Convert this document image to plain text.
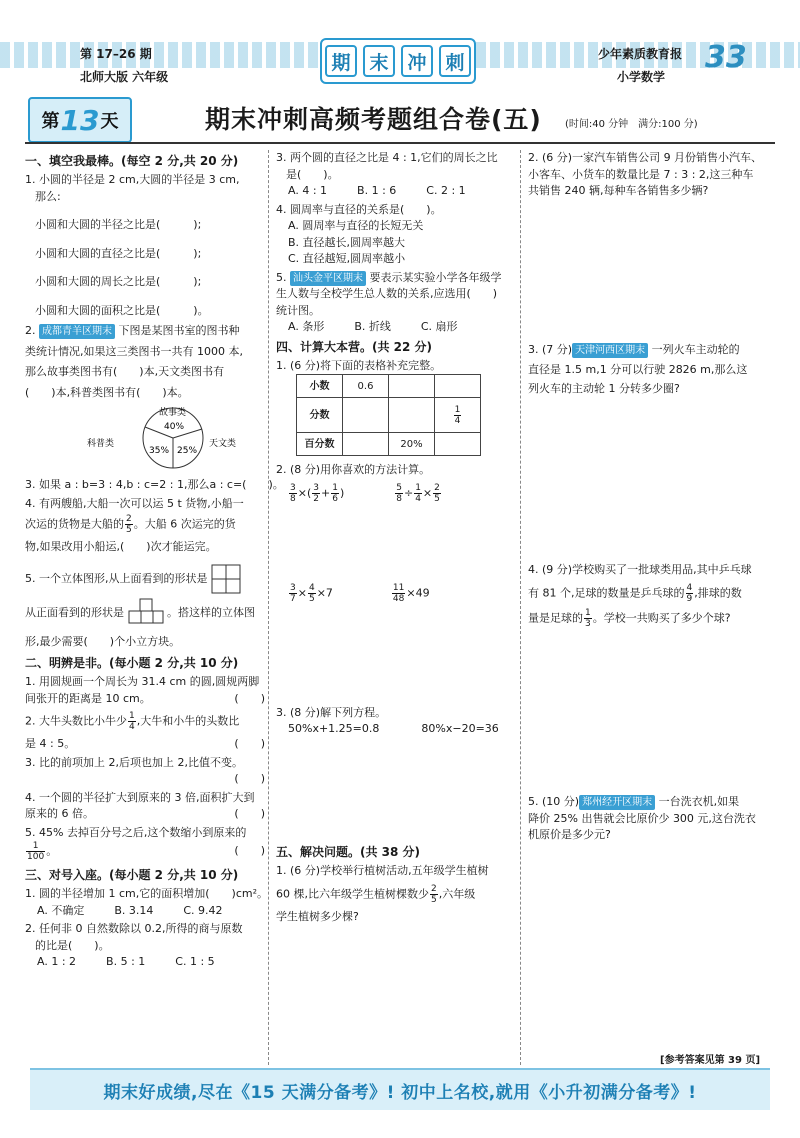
第 17–26 期
北师大版 六年级
期 末 冲 刺	少年素质教育报
小学数学
33
第 13 天	期末冲刺高频考题组合卷(五) (时间:40 分钟　满分:100 分)
一、填空我最棒。(每空 2 分,共 20 分)
1. 小圆的半径是 2 cm,大圆的半径是 3 cm,
那么:
小圆和大圆的半径之比是(　　　);
小圆和大圆的直径之比是(　　　);
小圆和大圆的周长之比是(　　　);
小圆和大圆的面积之比是(　　　)。
2. 成都青羊区期末 下图是某图书室的图书种
类统计情况,如果这三类图书一共有 1000 本,
那么故事类图书有(　　)本,天文类图书有
(　　)本,科普类图书有(　　)本。
故事类
40%
35% 25%
科普类	天文类
3. 如果 a : b=3 : 4,b : c=2 : 1,那么a : c=(　　)。
4. 有两艘船,大船一次可以运 5 t 货物,小船一
次运的货物是大船的 $\frac{2}{5}$ 。大船 6 次运完的货
物,如果改用小船运,(　　)次才能运完。
5. 一个立体图形,从上面看到的形状是
从正面看到的形状是	。搭这样的立体图
形,最少需要(　　)个小立方块。
二、明辨是非。(每小题 2 分,共 10 分)
1. 用圆规画一个周长为 31.4 cm 的圆,圆规两脚
间张开的距离是 10 cm。	(　　)
2. 大牛头数比小牛少 $\frac{1}{4}$ ,大牛和小牛的头数比
是 4 : 5。	(　　)
3. 比的前项加上 2,后项也加上 2,比值不变。
(　　)
4. 一个圆的半径扩大到原来的 3 倍,面积扩大到
原来的 6 倍。	(　　)
5. 45% 去掉百分号之后,这个数缩小到原来的
$\frac{1}{100}$ 。	(　　)
三、对号入座。(每小题 2 分,共 10 分)
1. 圆的半径增加 1 cm,它的面积增加(　　)cm²。
A. 不确定	B. 3.14	C. 9.42
2. 任何非 0 自然数除以 0.2,所得的商与原数
的比是(　　)。
A. 1 : 2	B. 5 : 1	C. 1 : 5
3. 两个圆的直径之比是 4 : 1,它们的周长之比
是(　　)。
A. 4 : 1	B. 1 : 6	C. 2 : 1
4. 圆周率与直径的关系是(　　)。
A. 圆周率与直径的长短无关
B. 直径越长,圆周率越大
C. 直径越短,圆周率越小
5. 汕头金平区期末 要表示某实验小学各年级学
生人数与全校学生总人数的关系,应选用(　　)
统计图。
A. 条形	B. 折线	C. 扇形
四、计算大本营。(共 22 分)
1. (6 分)将下面的表格补充完整。
小数	0.6		
分数			$\frac{1}{4}$

百分数		20%	
2. (8 分)用你喜欢的方法计算。
$\frac{3}{8}$ ×( $\frac{3}{2} + \frac{1}{6}$ )	$\frac{5}{8} \div \frac{1}{4} \times \frac{2}{5}$
$\frac{3}{7} \times \frac{4}{5} \times 7$	$\frac{11}{48} \times 49$
3. (8 分)解下列方程。
50%x+1.25=0.8	80%x−20=36
五、解决问题。(共 38 分)
1. (6 分)学校举行植树活动,五年级学生植树
60 棵,比六年级学生植树棵数少 $\frac{2}{5}$ ,六年级
学生植树多少棵?
2. (6 分)一家汽车销售公司 9 月份销售小汽车、
小客车、小货车的数量比是 7 : 3 : 2,这三种车
共销售 240 辆,每种车各销售多少辆?
3. (7 分) 天津河西区期末 一列火车主动轮的
直径是 1.5 m,1 分可以行驶 2826 m,那么这
列火车的主动轮 1 分转多少圈?
4. (9 分)学校购买了一批球类用品,其中乒乓球
有 81 个,足球的数量是乒乓球的 $\frac{4}{9}$ ,排球的数
量是足球的 $\frac{1}{3}$ 。学校一共购买了多少个球?
5. (10 分) 郑州经开区期末 一台洗衣机,如果
降价 25% 出售就会比原价少 300 元,这台洗衣
机原价是多少元?
[参考答案见第 39 页]
期末好成绩,尽在《15 天满分备考》! 初中上名校,就用《小升初满分备考》!
